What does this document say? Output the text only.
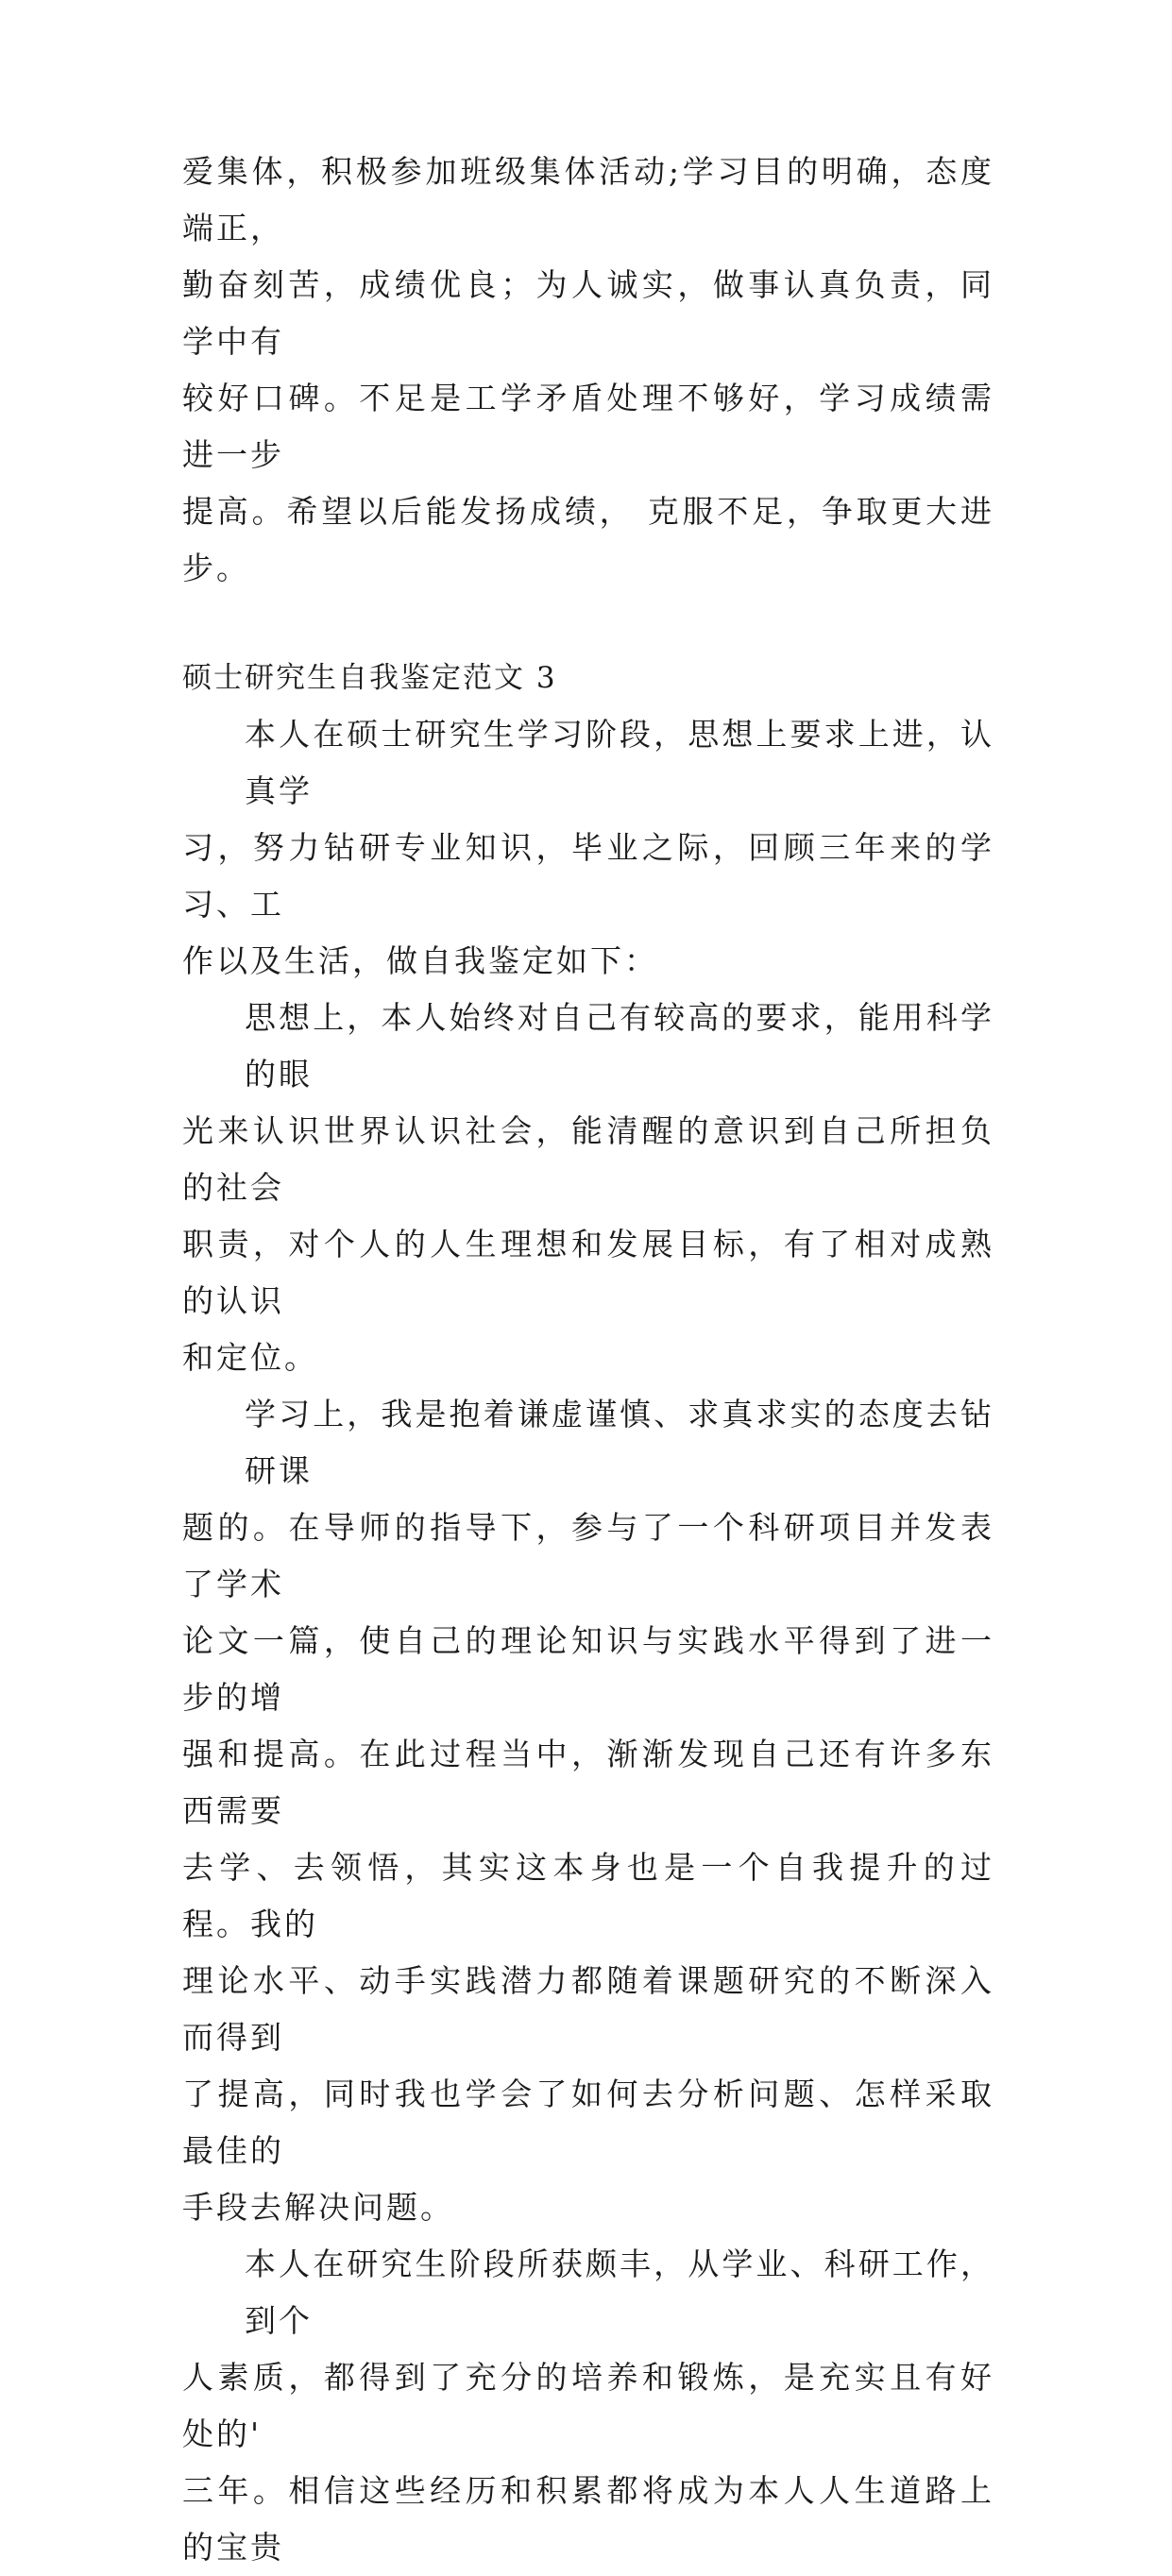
爱集体，积极参加班级集体活动;学习目的明确，态度端正，
勤奋刻苦，成绩优良；为人诚实，做事认真负责，同学中有
较好口碑。不足是工学矛盾处理不够好，学习成绩需进一步
提高。希望以后能发扬成绩， 克服不足，争取更大进步。

硕士研究生自我鉴定范文 3

本人在硕士研究生学习阶段，思想上要求上进，认真学
习，努力钻研专业知识，毕业之际，回顾三年来的学习、工
作以及生活，做自我鉴定如下：

思想上，本人始终对自己有较高的要求，能用科学的眼
光来认识世界认识社会，能清醒的意识到自己所担负的社会
职责，对个人的人生理想和发展目标，有了相对成熟的认识
和定位。

学习上，我是抱着谦虚谨慎、求真求实的态度去钻研课
题的。在导师的指导下，参与了一个科研项目并发表了学术
论文一篇，使自己的理论知识与实践水平得到了进一步的增
强和提高。在此过程当中，渐渐发现自己还有许多东西需要
去学、去领悟，其实这本身也是一个自我提升的过程。我的
理论水平、动手实践潜力都随着课题研究的不断深入而得到
了提高，同时我也学会了如何去分析问题、怎样采取最佳的
手段去解决问题。

本人在研究生阶段所获颇丰，从学业、科研工作，到个
人素质，都得到了充分的培养和锻炼，是充实且有好处的'
三年。相信这些经历和积累都将成为本人人生道路上的宝贵
